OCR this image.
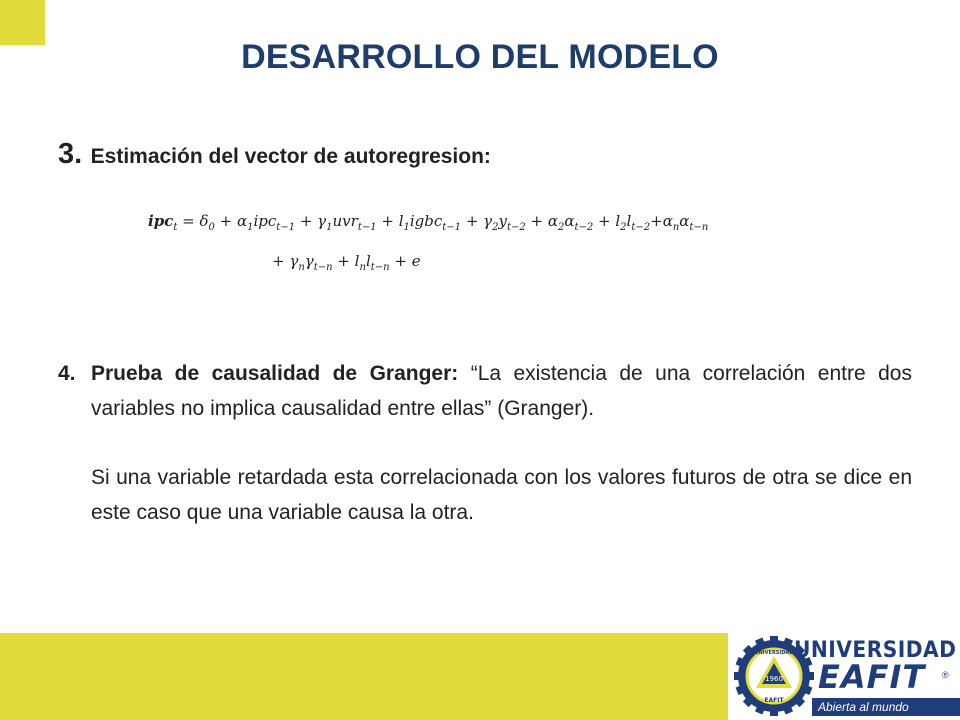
DESARROLLO DEL MODELO
3. Estimación del vector de autoregresion:
$ipc_t = \delta_0 + \alpha_1ipc_{t-1} + \gamma_1uvr_{t-1}$ + $l_1igbc_{t-1} + \gamma_2y_{t-2} + \alpha_2\alpha_{t-2} + l_2l_{t-2}+\alpha_n\alpha_{t-n}$
+ $\gamma_n\gamma_{t-n} + l_nl_{t-n} + e$

4. Prueba de causalidad de Granger: “La existencia de una correlación entre dos variables no implica causalidad entre ellas” (Granger).

Si una variable retardada esta correlacionada con los valores futuros de otra se dice en este caso que una variable causa la otra.

1960
EAFIT
UNIVERSIDAD UNIVERSIDAD
EAFIT ®
Abierta al mundo
